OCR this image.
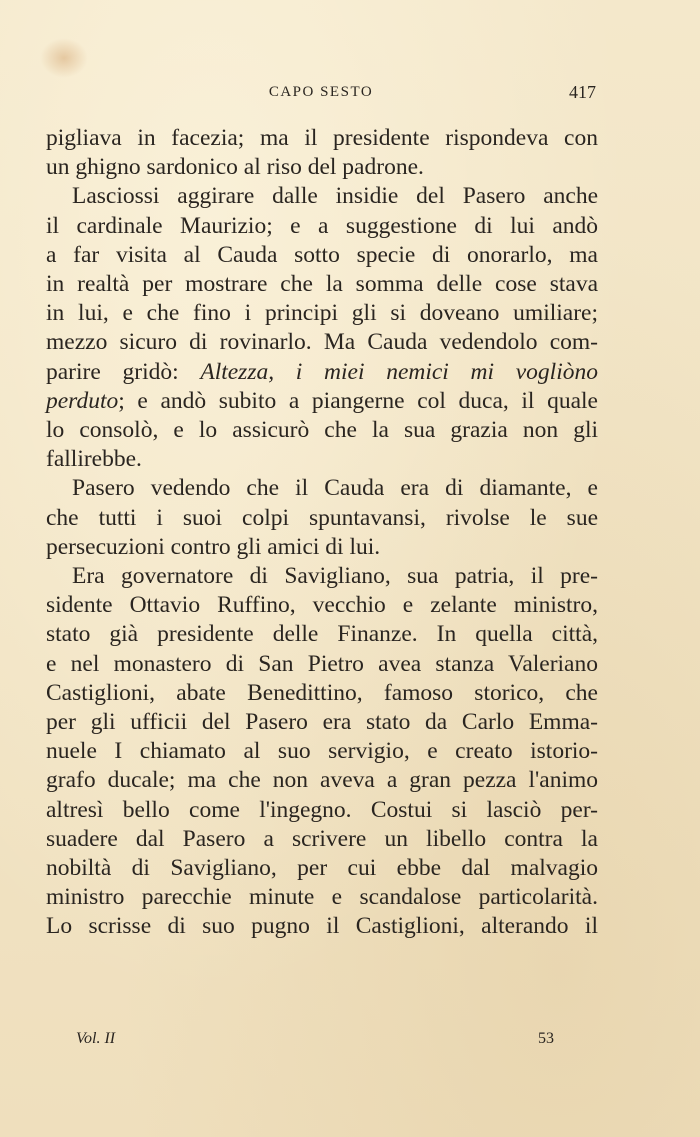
CAPO SESTO	417
pigliava in facezia; ma il presidente rispondeva con
un ghigno sardonico al riso del padrone.
Lasciossi aggirare dalle insidie del Pasero anche
il cardinale Maurizio; e a suggestione di lui andò
a far visita al Cauda sotto specie di onorarlo, ma
in realtà per mostrare che la somma delle cose stava
in lui, e che fino i principi gli si doveano umiliare;
mezzo sicuro di rovinarlo. Ma Cauda vedendolo com-
parire gridò: Altezza, i miei nemici mi vogliòno
perduto; e andò subito a piangerne col duca, il quale
lo consolò, e lo assicurò che la sua grazia non gli
fallirebbe.
Pasero vedendo che il Cauda era di diamante, e
che tutti i suoi colpi spuntavansi, rivolse le sue
persecuzioni contro gli amici di lui.
Era governatore di Savigliano, sua patria, il pre-
sidente Ottavio Ruffino, vecchio e zelante ministro,
stato già presidente delle Finanze. In quella città,
e nel monastero di San Pietro avea stanza Valeriano
Castiglioni, abate Benedittino, famoso storico, che
per gli ufficii del Pasero era stato da Carlo Emma-
nuele I chiamato al suo servigio, e creato istorio-
grafo ducale; ma che non aveva a gran pezza l'animo
altresì bello come l'ingegno. Costui si lasciò per-
suadere dal Pasero a scrivere un libello contra la
nobiltà di Savigliano, per cui ebbe dal malvagio
ministro parecchie minute e scandalose particolarità.
Lo scrisse di suo pugno il Castiglioni, alterando il
Vol. II	53
